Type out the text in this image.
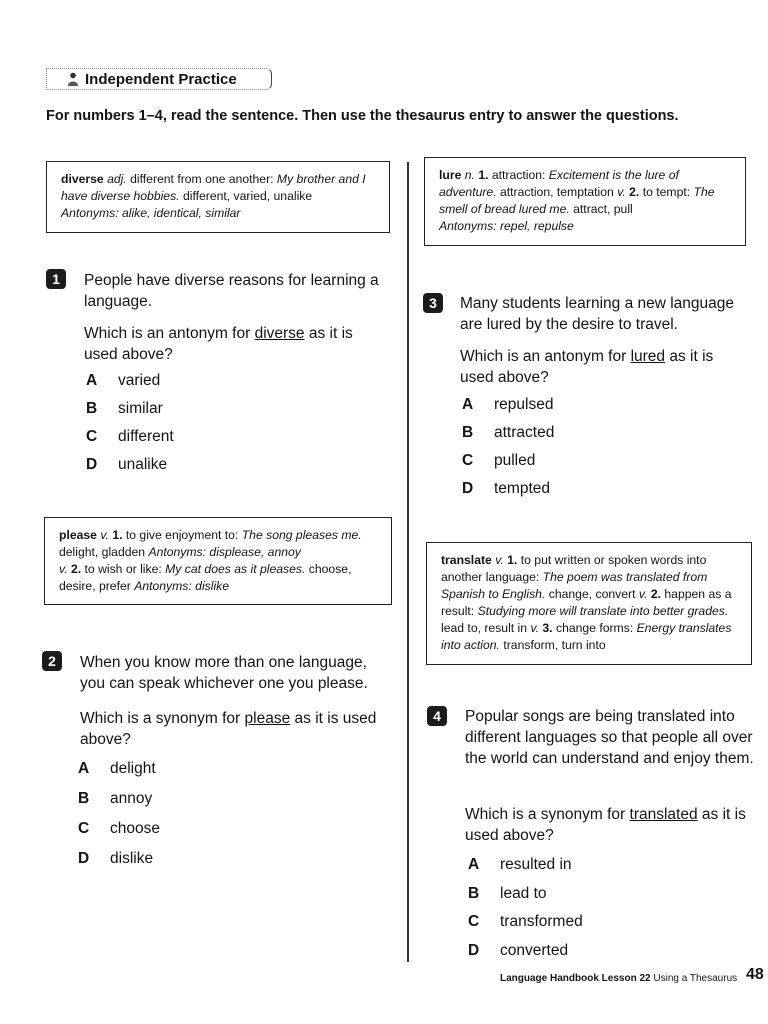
Independent Practice
For numbers 1–4, read the sentence. Then use the thesaurus entry to answer the questions.
diverse adj. different from one another: My brother and I have diverse hobbies. different, varied, unalike
Antonyms: alike, identical, similar
lure n. 1. attraction: Excitement is the lure of adventure. attraction, temptation v. 2. to tempt: The smell of bread lured me. attract, pull
Antonyms: repel, repulse
1	People have diverse reasons for learning a language.
Which is an antonym for diverse as it is used above?
A	varied
B	similar
C	different
D	unalike
please v. 1. to give enjoyment to: The song pleases me. delight, gladden Antonyms: displease, annoy
v. 2. to wish or like: My cat does as it pleases. choose, desire, prefer Antonyms: dislike
2	When you know more than one language, you can speak whichever one you please.
Which is a synonym for please as it is used above?
A	delight
B	annoy
C	choose
D	dislike
3	Many students learning a new language are lured by the desire to travel.
Which is an antonym for lured as it is used above?
A	repulsed
B	attracted
C	pulled
D	tempted
translate v. 1. to put written or spoken words into another language: The poem was translated from Spanish to English. change, convert v. 2. happen as a result: Studying more will translate into better grades. lead to, result in v. 3. change forms: Energy translates into action. transform, turn into
4	Popular songs are being translated into different languages so that people all over the world can understand and enjoy them.
Which is a synonym for translated as it is used above?
A	resulted in
B	lead to
C	transformed
D	converted
Language Handbook Lesson 22 Using a Thesaurus 48
